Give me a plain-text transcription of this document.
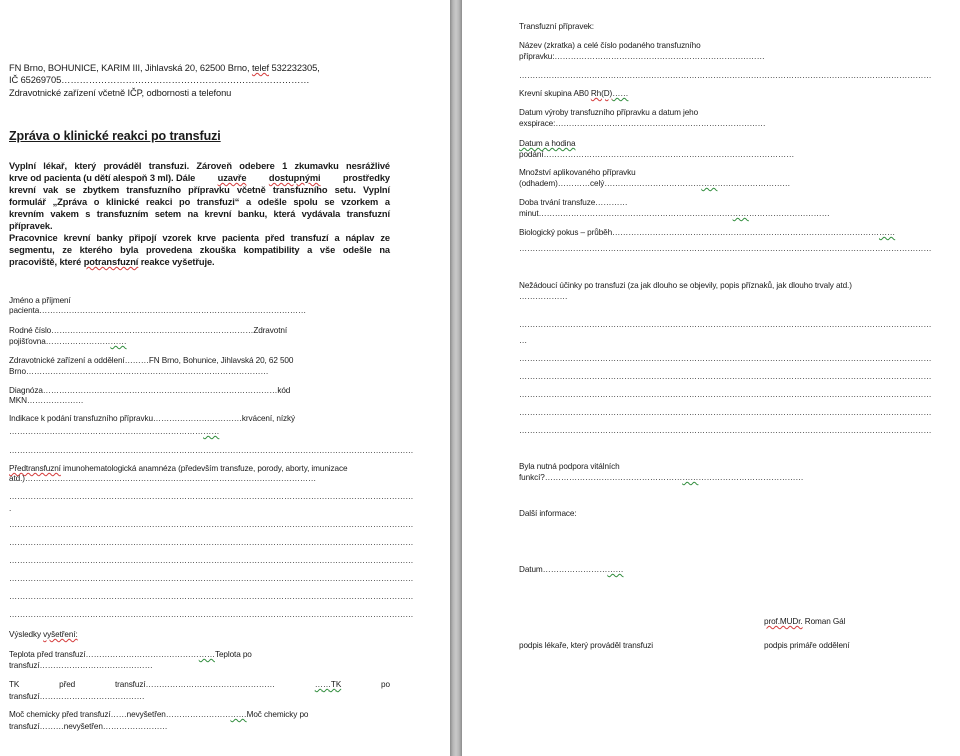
FN Brno, BOHUNICE, KARIM III, Jihlavská 20, 62500 Brno, telef 532232305,
IČ 65269705………………………………………………………………………
Zdravotnické zařízení včetně IČP, odbornosti a telefonu
Zpráva o klinické reakci po transfuzi
Vyplní lékař, který prováděl transfuzi. Zároveň odebere 1 zkumavku nesrážlivé
krve od pacienta (u dětí alespoň 3 ml). Dále uzavře dostupnými prostředky
krevní vak se zbytkem transfuzního přípravku včetně transfuzního setu. Vyplní
formulář „Zpráva o klinické reakci po transfuzi“ a odešle spolu se vzorkem a
krevním vakem s transfuzním setem na krevní banku, která vydávala transfuzní
přípravek.
Pracovnice krevní banky připojí vzorek krve pacienta před transfuzí a náplav ze
segmentu, ze kterého byla provedena zkouška kompatibility a vše odešle na
pracoviště, které potransfuzní reakce vyšetřuje.
Jméno a příjmení
pacienta………………………………………………………………………………………
Rodné číslo…………………………………………………………………Zdravotní
pojišťovna…………………………
Zdravotnické zařízení a oddělení………FN Brno, Bohunice, Jihlavská 20, 62 500
Brno………………………………………………………………………………
Diagnóza……………………………………………………………………………kód
MKN…………………
Indikace k podání transfuzního přípravku……………………………krvácení, nízký
……………………………………………………………………
……………………………………………………………………………………………………………………………………
Předtransfuzní imunohematologická anamnéza (především transfuze, porody, aborty, imunizace
atd.)………………………………………………………………………………………………
……………………………………………………………………………………………………………………………………
.
……………………………………………………………………………………………………………………………………
……………………………………………………………………………………………………………………………………
……………………………………………………………………………………………………………………………………
……………………………………………………………………………………………………………………………………
……………………………………………………………………………………………………………………………………
……………………………………………………………………………………………………………………………………
Výsledky vyšetření:
Teplota před transfuzí…………………………………………Teplota po
transfuzí……………………………………
TK	před	transfuzí…………………………………………	……TK	po
transfuzí…………………………………
Moč chemicky před transfuzí……nevyšetřen…………………………Moč chemicky po
transfuzí………nevyšetřen……………………
Transfuzní přípravek:
Název (zkratka) a celé číslo podaného transfuzního
přípravku:……………………………………………………………………
………………………………………………………………………………………………………………………………………
Krevní skupina AB0 Rh(D)……
Datum výroby transfuzního přípravku a datum jeho
exspirace:……………………………………………………………………
Datum a hodina
podání…………………………………………………………………………………
Množství aplikovaného přípravku
(odhadem)…………celý……………………………………………………………
Doba trvání transfuze…………
minut………………………………………………………………………………………………
Biologický pokus – průběh……………………………………………………………………………………………
………………………………………………………………………………………………………………………………………
Nežádoucí účinky po transfuzi (za jak dlouho se objevily, popis příznaků, jak dlouho trvaly atd.)
………………
………………………………………………………………………………………………………………………………………
…
………………………………………………………………………………………………………………………………………
………………………………………………………………………………………………………………………………………
………………………………………………………………………………………………………………………………………
………………………………………………………………………………………………………………………………………
………………………………………………………………………………………………………………………………………
Byla nutná podpora vitálních
funkcí?……………………………………………………………………………………
Další informace:
Datum…………………………
prof.MUDr. Roman Gál
podpis lékaře, který prováděl transfuzi	podpis primáře oddělení
